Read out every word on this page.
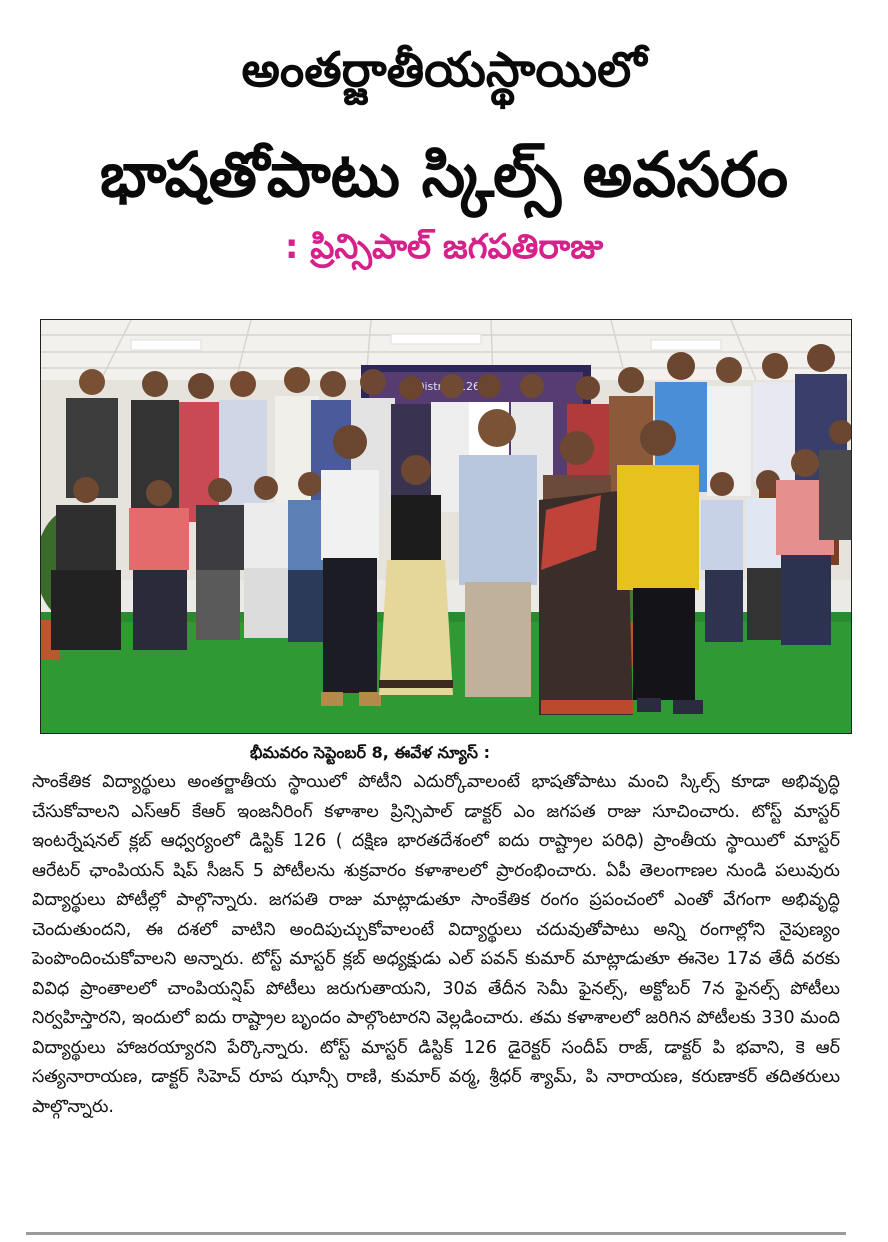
అంతర్జాతీయస్థాయిలో
భాషతోపాటు స్కిల్స్ అవసరం
: ప్రిన్సిపాల్ జగపతిరాజు
District 126
భీమవరం సెప్టెంబర్ 8, ఈవేళ న్యూస్ :
సాంకేతిక విద్యార్థులు అంతర్జాతీయ స్థాయిలో పోటీని ఎదుర్కోవాలంటే భాషతోపాటు మంచి స్కిల్స్ కూడా అభివృద్ధి చేసుకోవాలని ఎస్ఆర్ కేఆర్ ఇంజనీరింగ్ కళాశాల ప్రిన్సిపాల్ డాక్టర్ ఎం జగపత రాజు సూచించారు. టోస్ట్ మాస్టర్ ఇంటర్నేషనల్ క్లబ్ ఆధ్వర్యంలో డిస్టిక్ 126 ( దక్షిణ భారతదేశంలో ఐదు రాష్ట్రాల పరిధి) ప్రాంతీయ స్థాయిలో మాస్టర్ ఆరేటర్ ఛాంపియన్ షిప్ సీజన్ 5 పోటీలను శుక్రవారం కళాశాలలో ప్రారంభించారు. ఏపీ తెలంగాణల నుండి పలువురు విద్యార్థులు పోటీల్లో పాల్గొన్నారు. జగపతి రాజు మాట్లాడుతూ సాంకేతిక రంగం ప్రపంచంలో ఎంతో వేగంగా అభివృద్ధి చెందుతుందని, ఈ దశలో వాటిని అందిపుచ్చుకోవాలంటే విద్యార్థులు చదువుతోపాటు అన్ని రంగాల్లోని నైపుణ్యం పెంపొందించుకోవాలని అన్నారు. టోస్ట్ మాస్టర్ క్లబ్ అధ్యక్షుడు ఎల్ పవన్ కుమార్ మాట్లాడుతూ ఈనెల 17వ తేదీ వరకు వివిధ ప్రాంతాలలో చాంపియన్షిప్ పోటీలు జరుగుతాయని, 30వ తేదీన సెమీ ఫైనల్స్, అక్టోబర్ 7న ఫైనల్స్ పోటీలు నిర్వహిస్తారని, ఇందులో ఐదు రాష్ట్రాల బృందం పాల్గొంటారని వెల్లడించారు. తమ కళాశాలలో జరిగిన పోటీలకు 330 మంది విద్యార్థులు హాజరయ్యారని పేర్కొన్నారు. టోస్ట్ మాస్టర్ డిస్టిక్ 126 డైరెక్టర్ సందీప్ రాజ్, డాక్టర్ పి భవాని, కె ఆర్ సత్యనారాయణ, డాక్టర్ సిహెచ్ రూప ఝాన్సీ రాణి, కుమార్ వర్మ, శ్రీధర్ శ్యామ్, పి నారాయణ, కరుణాకర్ తదితరులు పాల్గొన్నారు.
